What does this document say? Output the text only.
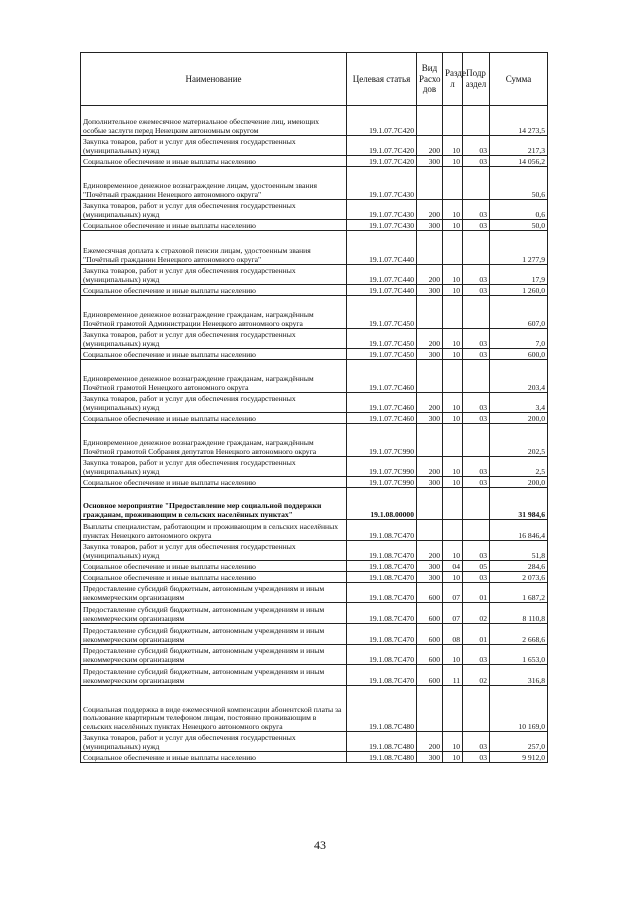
Наименование	Целевая статья	Вид Расхо дов	Разде л	Подр аздел	Сумма
Дополнительное ежемесячное материальное обеспечение лиц, имеющих особые заслуги перед Ненецким автономным округом	19.1.07.7С420				14 273,5
Закупка товаров, работ и услуг для обеспечения государственных (муниципальных) нужд	19.1.07.7С420	200	10	03	217,3
Социальное обеспечение и иные выплаты населению	19.1.07.7С420	300	10	03	14 056,2
Единовременное денежное вознаграждение лицам, удостоенным звания "Почётный гражданин Ненецкого автономного округа"	19.1.07.7С430				50,6
Закупка товаров, работ и услуг для обеспечения государственных (муниципальных) нужд	19.1.07.7С430	200	10	03	0,6
Социальное обеспечение и иные выплаты населению	19.1.07.7С430	300	10	03	50,0
Ежемесячная доплата к страховой пенсии лицам, удостоенным звания "Почётный гражданин Ненецкого автономного округа"	19.1.07.7С440				1 277,9
Закупка товаров, работ и услуг для обеспечения государственных (муниципальных) нужд	19.1.07.7С440	200	10	03	17,9
Социальное обеспечение и иные выплаты населению	19.1.07.7С440	300	10	03	1 260,0
Единовременное денежное вознаграждение гражданам, награждённым Почётной грамотой Администрации Ненецкого автономного округа	19.1.07.7С450				607,0
Закупка товаров, работ и услуг для обеспечения государственных (муниципальных) нужд	19.1.07.7С450	200	10	03	7,0
Социальное обеспечение и иные выплаты населению	19.1.07.7С450	300	10	03	600,0
Единовременное денежное вознаграждение гражданам, награждённым Почётной грамотой Ненецкого автономного округа	19.1.07.7С460				203,4
Закупка товаров, работ и услуг для обеспечения государственных (муниципальных) нужд	19.1.07.7С460	200	10	03	3,4
Социальное обеспечение и иные выплаты населению	19.1.07.7С460	300	10	03	200,0
Единовременное денежное вознаграждение гражданам, награждённым Почётной грамотой Собрания депутатов Ненецкого автономного округа	19.1.07.7С990				202,5
Закупка товаров, работ и услуг для обеспечения государственных (муниципальных) нужд	19.1.07.7С990	200	10	03	2,5
Социальное обеспечение и иные выплаты населению	19.1.07.7С990	300	10	03	200,0
Основное мероприятие "Предоставление мер социальной поддержки гражданам, проживающим в сельских населённых пунктах"	19.1.08.00000				31 984,6
Выплаты специалистам, работающим и проживающим в сельских населённых пунктах Ненецкого автономного округа	19.1.08.7С470				16 846,4
Закупка товаров, работ и услуг для обеспечения государственных (муниципальных) нужд	19.1.08.7С470	200	10	03	51,8
Социальное обеспечение и иные выплаты населению	19.1.08.7С470	300	04	05	284,6
Социальное обеспечение и иные выплаты населению	19.1.08.7С470	300	10	03	2 073,6
Предоставление субсидий бюджетным, автономным учреждениям и иным некоммерческим организациям	19.1.08.7С470	600	07	01	1 687,2
Предоставление субсидий бюджетным, автономным учреждениям и иным некоммерческим организациям	19.1.08.7С470	600	07	02	8 110,8
Предоставление субсидий бюджетным, автономным учреждениям и иным некоммерческим организациям	19.1.08.7С470	600	08	01	2 668,6
Предоставление субсидий бюджетным, автономным учреждениям и иным некоммерческим организациям	19.1.08.7С470	600	10	03	1 653,0
Предоставление субсидий бюджетным, автономным учреждениям и иным некоммерческим организациям	19.1.08.7С470	600	11	02	316,8
Социальная поддержка в виде ежемесячной компенсации абонентской платы за пользование квартирным телефоном лицам, постоянно проживающим в сельских населённых пунктах Ненецкого автономного округа	19.1.08.7С480				10 169,0
Закупка товаров, работ и услуг для обеспечения государственных (муниципальных) нужд	19.1.08.7С480	200	10	03	257,0
Социальное обеспечение и иные выплаты населению	19.1.08.7С480	300	10	03	9 912,0
43
